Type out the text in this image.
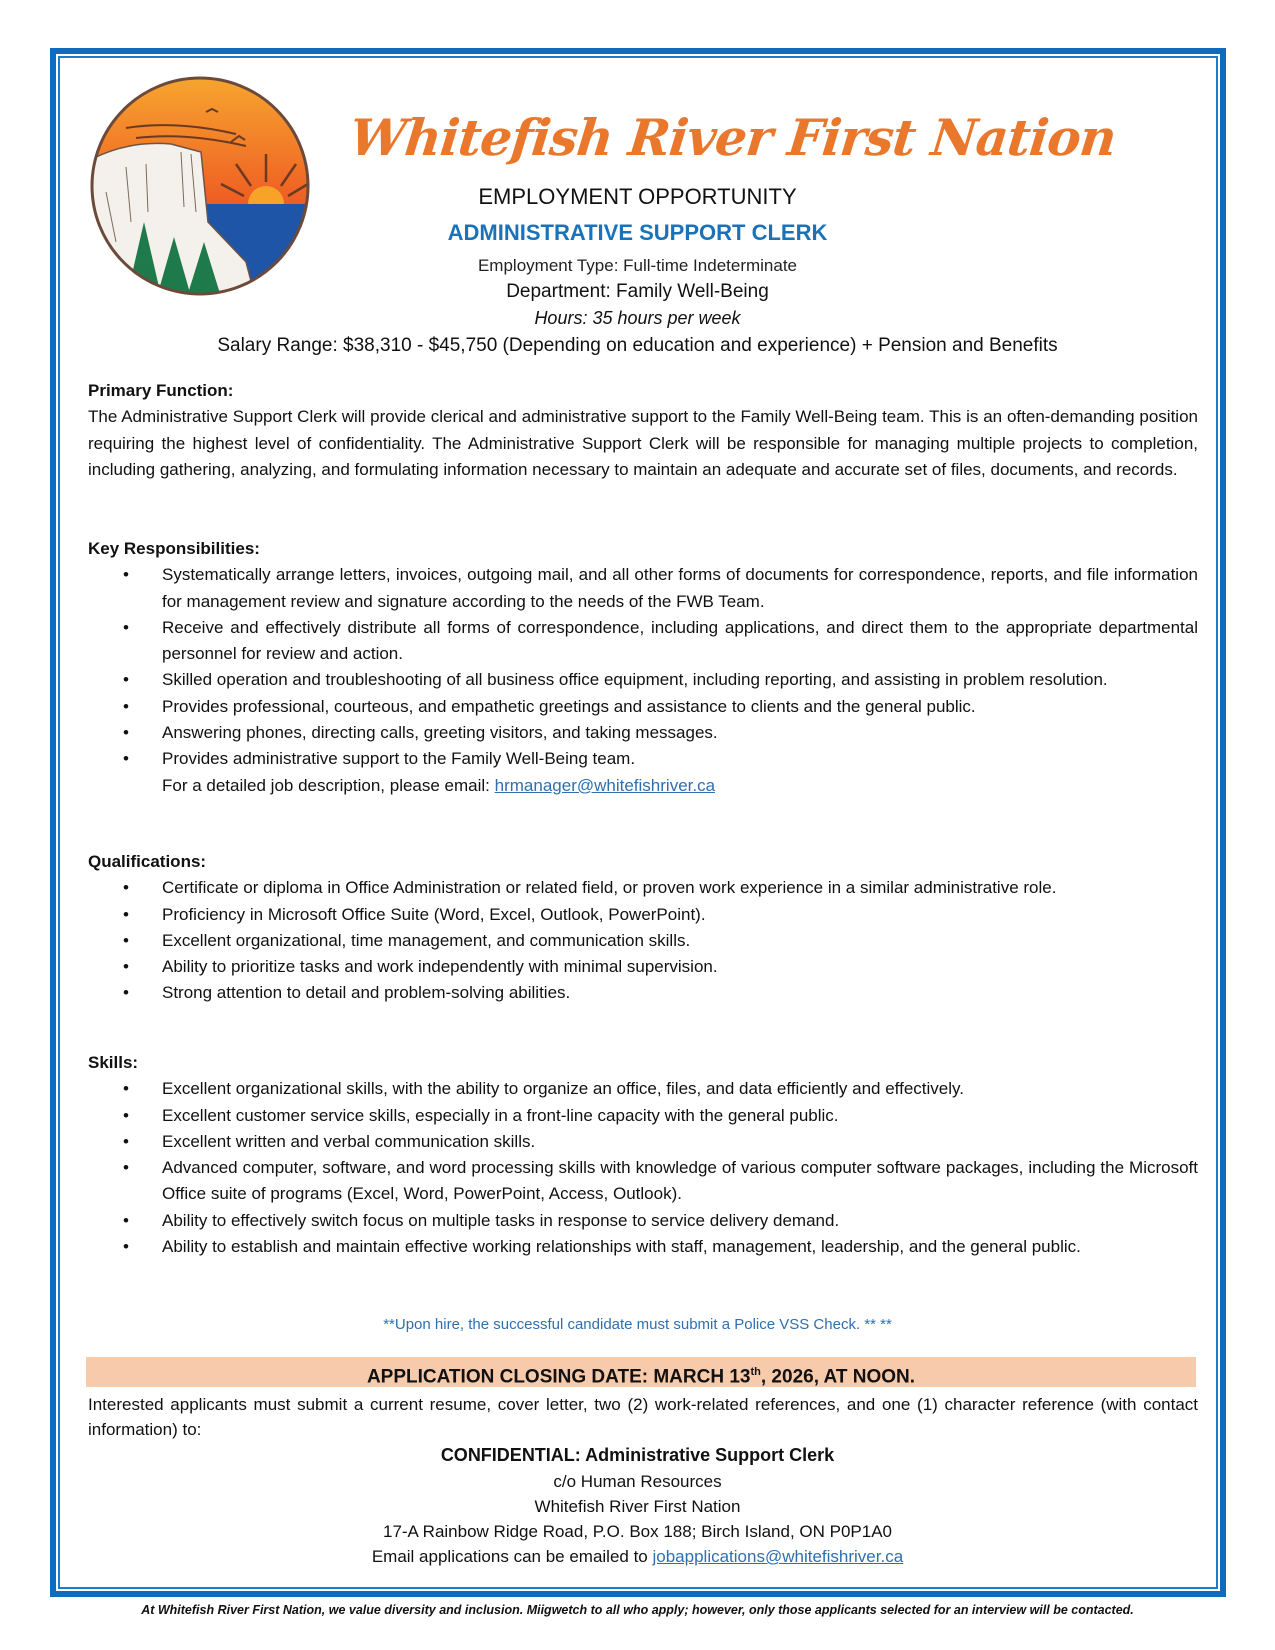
Whitefish River First Nation
EMPLOYMENT OPPORTUNITY
ADMINISTRATIVE SUPPORT CLERK
Employment Type: Full-time Indeterminate
Department: Family Well-Being
Hours: 35 hours per week
Salary Range: $38,310 - $45,750 (Depending on education and experience) + Pension and Benefits
Primary Function:
The Administrative Support Clerk will provide clerical and administrative support to the Family Well-Being team. This is an often-demanding position requiring the highest level of confidentiality. The Administrative Support Clerk will be responsible for managing multiple projects to completion, including gathering, analyzing, and formulating information necessary to maintain an adequate and accurate set of files, documents, and records.
Key Responsibilities:
• Systematically arrange letters, invoices, outgoing mail, and all other forms of documents for correspondence, reports, and file information for management review and signature according to the needs of the FWB Team.
• Receive and effectively distribute all forms of correspondence, including applications, and direct them to the appropriate departmental personnel for review and action.
• Skilled operation and troubleshooting of all business office equipment, including reporting, and assisting in problem resolution.
• Provides professional, courteous, and empathetic greetings and assistance to clients and the general public.
• Answering phones, directing calls, greeting visitors, and taking messages.
• Provides administrative support to the Family Well-Being team.
For a detailed job description, please email: hrmanager@whitefishriver.ca
Qualifications:
• Certificate or diploma in Office Administration or related field, or proven work experience in a similar administrative role.
• Proficiency in Microsoft Office Suite (Word, Excel, Outlook, PowerPoint).
• Excellent organizational, time management, and communication skills.
• Ability to prioritize tasks and work independently with minimal supervision.
• Strong attention to detail and problem-solving abilities.
Skills:
• Excellent organizational skills, with the ability to organize an office, files, and data efficiently and effectively.
• Excellent customer service skills, especially in a front-line capacity with the general public.
• Excellent written and verbal communication skills.
• Advanced computer, software, and word processing skills with knowledge of various computer software packages, including the Microsoft Office suite of programs (Excel, Word, PowerPoint, Access, Outlook).
• Ability to effectively switch focus on multiple tasks in response to service delivery demand.
• Ability to establish and maintain effective working relationships with staff, management, leadership, and the general public.
**Upon hire, the successful candidate must submit a Police VSS Check. ** **
APPLICATION CLOSING DATE: MARCH 13th, 2026, AT NOON.
Interested applicants must submit a current resume, cover letter, two (2) work-related references, and one (1) character reference (with contact information) to:
CONFIDENTIAL: Administrative Support Clerk
c/o Human Resources
Whitefish River First Nation
17-A Rainbow Ridge Road, P.O. Box 188; Birch Island, ON P0P1A0
Email applications can be emailed to jobapplications@whitefishriver.ca
At Whitefish River First Nation, we value diversity and inclusion. Miigwetch to all who apply; however, only those applicants selected for an interview will be contacted.
